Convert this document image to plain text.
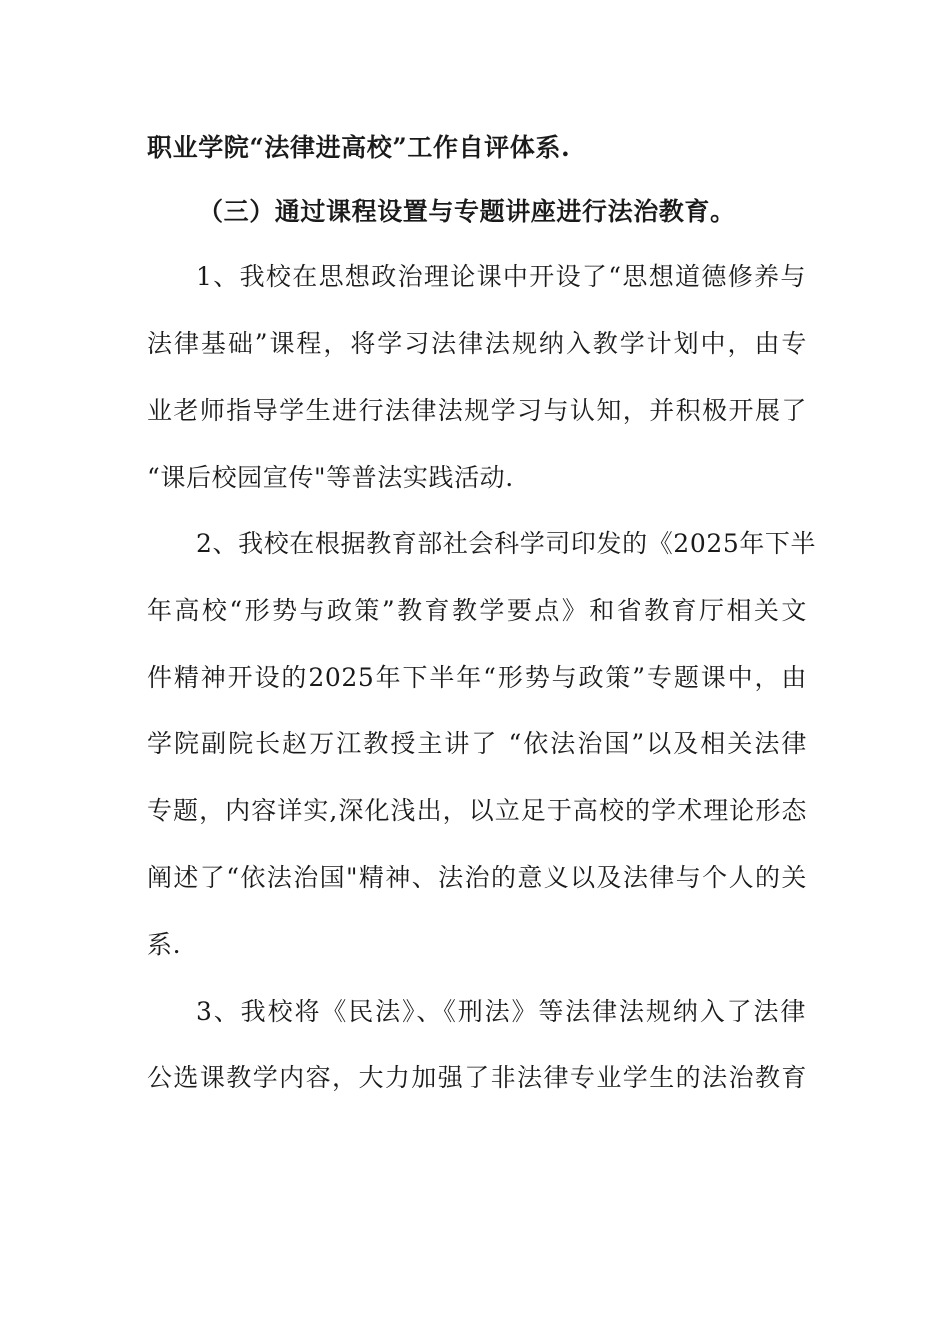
职业学院“法律进高校”工作自评体系.
（三）通过课程设置与专题讲座进行法治教育。
1、我校在思想政治理论课中开设了“思想道德修养与
法律基础”课程，将学习法律法规纳入教学计划中，由专
业老师指导学生进行法律法规学习与认知，并积极开展了
“课后校园宣传"等普法实践活动.
2、我校在根据教育部社会科学司印发的《2025年下半
年高校“形势与政策”教育教学要点》和省教育厅相关文
件精神开设的2025年下半年“形势与政策”专题课中，由
学院副院长赵万江教授主讲了 “依法治国”以及相关法律
专题，内容详实,深化浅出，以立足于高校的学术理论形态
阐述了“依法治国"精神、法治的意义以及法律与个人的关
系.
3、我校将《民法》、《刑法》等法律法规纳入了法律
公选课教学内容，大力加强了非法律专业学生的法治教育
